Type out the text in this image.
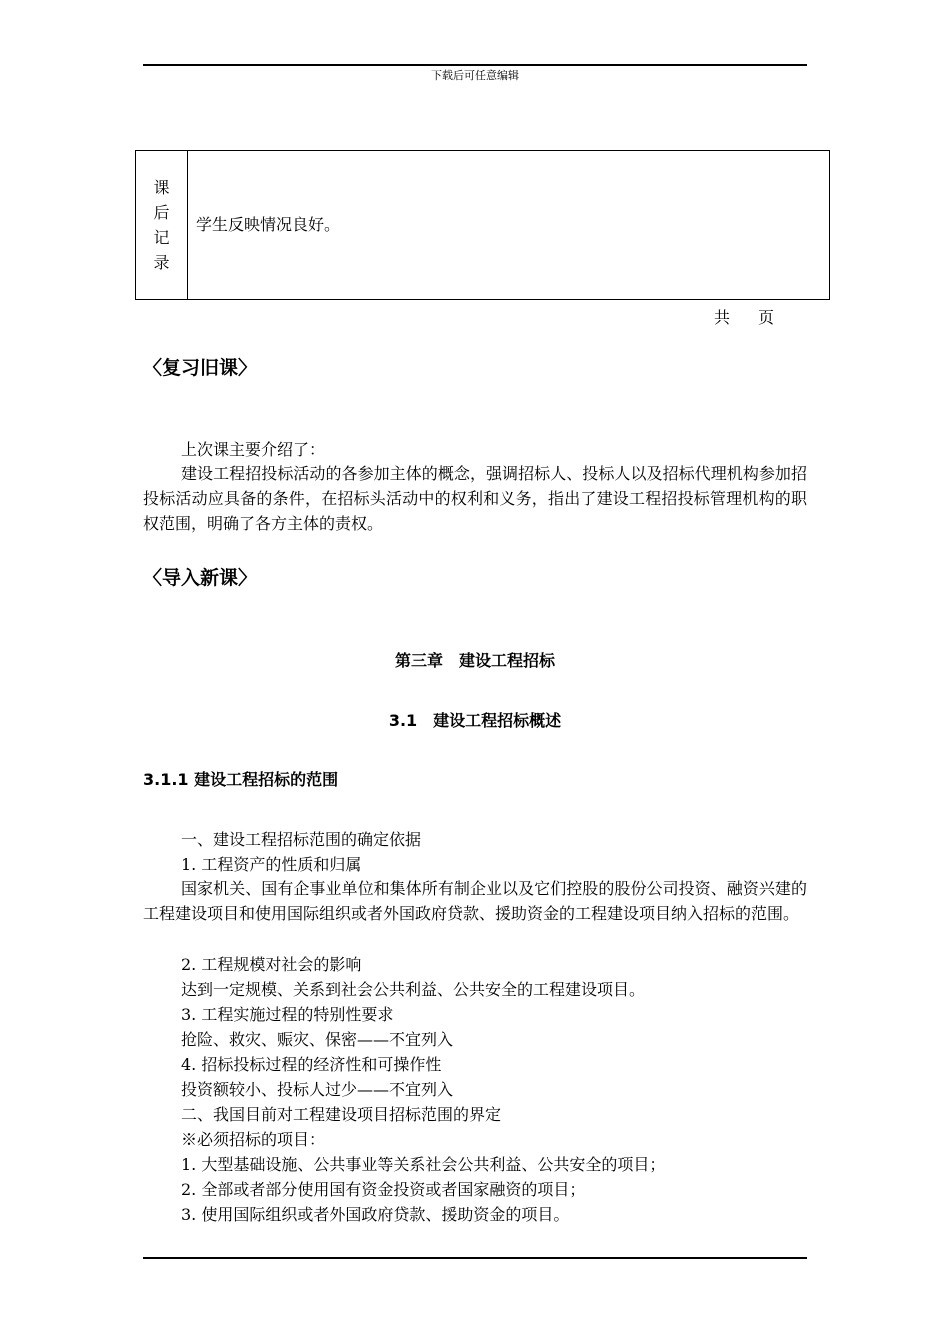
下载后可任意编辑
课
后
记
录
学生反映情况良好。
共 页
〈复习旧课〉
上次课主要介绍了：
建设工程招投标活动的各参加主体的概念，强调招标人、投标人以及招标代理机构参加招投标活动应具备的条件，在招标头活动中的权利和义务，指出了建设工程招投标管理机构的职权范围，明确了各方主体的责权。
〈导入新课〉
第三章　建设工程招标
3.1　建设工程招标概述
3.1.1 建设工程招标的范围
一、建设工程招标范围的确定依据
1. 工程资产的性质和归属
国家机关、国有企事业单位和集体所有制企业以及它们控股的股份公司投资、融资兴建的工程建设项目和使用国际组织或者外国政府贷款、援助资金的工程建设项目纳入招标的范围。
2. 工程规模对社会的影响
达到一定规模、关系到社会公共利益、公共安全的工程建设项目。
3. 工程实施过程的特别性要求
抢险、救灾、赈灾、保密——不宜列入
4. 招标投标过程的经济性和可操作性
投资额较小、投标人过少——不宜列入
二、我国目前对工程建设项目招标范围的界定
※必须招标的项目：
1. 大型基础设施、公共事业等关系社会公共利益、公共安全的项目；
2. 全部或者部分使用国有资金投资或者国家融资的项目；
3. 使用国际组织或者外国政府贷款、援助资金的项目。
